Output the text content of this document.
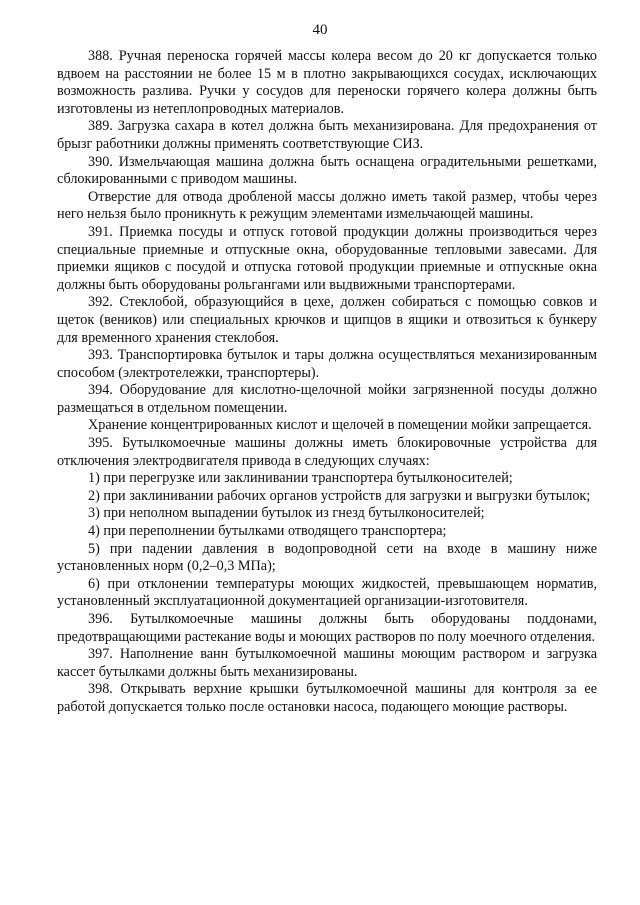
40

388. Ручная переноска горячей массы колера весом до 20 кг допускается только вдвоем на расстоянии не более 15 м в плотно закрывающихся сосудах, исключающих возможность разлива. Ручки у сосудов для переноски горячего колера должны быть изготовлены из нетеплопроводных материалов.

389. Загрузка сахара в котел должна быть механизирована. Для предохранения от брызг работники должны применять соответствующие СИЗ.

390. Измельчающая машина должна быть оснащена оградительными решетками, сблокированными с приводом машины.

Отверстие для отвода дробленой массы должно иметь такой размер, чтобы через него нельзя было проникнуть к режущим элементами измельчающей машины.

391. Приемка посуды и отпуск готовой продукции должны производиться через специальные приемные и отпускные окна, оборудованные тепловыми завесами. Для приемки ящиков с посудой и отпуска готовой продукции приемные и отпускные окна должны быть оборудованы рольгангами или выдвижными транспортерами.

392. Стеклобой, образующийся в цехе, должен собираться с помощью совков и щеток (веников) или специальных крючков и щипцов в ящики и отвозиться к бункеру для временного хранения стеклобоя.

393. Транспортировка бутылок и тары должна осуществляться механизированным способом (электротележки, транспортеры).

394. Оборудование для кислотно-щелочной мойки загрязненной посуды должно размещаться в отдельном помещении.

Хранение концентрированных кислот и щелочей в помещении мойки запрещается.

395. Бутылкомоечные машины должны иметь блокировочные устройства для отключения электродвигателя привода в следующих случаях:

1) при перегрузке или заклинивании транспортера бутылконосителей;

2) при заклинивании рабочих органов устройств для загрузки и выгрузки бутылок;

3) при неполном выпадении бутылок из гнезд бутылконосителей;

4) при переполнении бутылками отводящего транспортера;

5) при падении давления в водопроводной сети на входе в машину ниже установленных норм (0,2–0,3 МПа);

6) при отклонении температуры моющих жидкостей, превышающем норматив, установленный эксплуатационной документацией организации-изготовителя.

396. Бутылкомоечные машины должны быть оборудованы поддонами, предотвращающими растекание воды и моющих растворов по полу моечного отделения.

397. Наполнение ванн бутылкомоечной машины моющим раствором и загрузка кассет бутылками должны быть механизированы.

398. Открывать верхние крышки бутылкомоечной машины для контроля за ее работой допускается только после остановки насоса, подающего моющие растворы.
